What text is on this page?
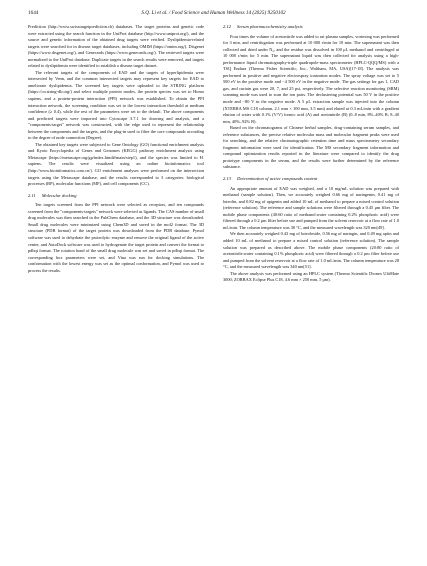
1644	S.Q. Li et al. / Food Science and Human Wellness 14 (2025) 9250102

Prediction (http://www.swisstargetprediction.ch) databases. The target proteins and genetic code were extracted using the search function in the UniProt database (http://www.uniprot.org/), and the source and genetic information of the obtained drug targets were verified. Dyslipidemia-related targets were searched for in disease target databases, including OMIM (https://omim.org/), Disgenet (https://www.disgenet.org/), and Genecards (https://www.genecards.org/). The retrieved targets were normalized to the UniProt database. Duplicate targets in the search results were removed, and targets related to dyslipidemia were identified to establish a disease target dataset.

The relevant targets of the components of EAD and the targets of hyperlipidemia were intersected by Venn, and the common intersected targets may represent key targets for EAD to ameliorate dyslipidemia. The screened key targets were uploaded to the STRING platform (https://cn.string-db.org/) and select multiple protein modes, the protein species was set to Homo sapiens, and a protein-protein interaction (PPI) network was established. To obtain the PPI interaction network, the screening condition was set to the lowest interaction threshold at medium confidence (≥ 0.4), while the rest of the parameters were set to the default. The above components and predicted targets were imported into Cytoscape 3.7.1 for drawing and analysis, and a "components-target" network was constructed, with the edge used to represent the relationship between the components and the targets, and the plug-in used to filter the core compounds according to the degree of node connection (Degree).

The obtained key targets were subjected to Gene Ontology (GO) functional enrichment analysis and Kyoto Encyclopedia of Genes and Genomes (KEGG) pathway enrichment analysis using Metascape (https://metascape.org/gp/index.html#/main/step1), and the species was limited to H. sapiens. The results were visualized using an online bioinformatics tool (http://www.bioinformatics.com.cn/). GO enrichment analyses were performed on the intersection targets using the Metascape database, and the results corresponded to 3 categories: biological processes (BP), molecular functions (MF), and cell components (CC).

2.11 Molecular docking

Ten targets screened from the PPI network were selected as receptors, and ten compounds screened from the "components-targets" network were selected as ligands. The CAS number of small drug molecules was then searched in the PubChem database, and the 3D structure was downloaded. Small drug molecules were minimized using Chem3D and saved in the mol2 format. The 3D structure (PDB format) of the target protein was downloaded from the PDB database. Pymol software was used to dehydrate the proteolytic enzyme and remove the original ligand of the active center, and AutoDock software was used to hydrogenate the target protein and convert the format to pdbqt format. The rotation bond of the small drug molecule was set and saved in pdbqt format. The corresponding box parameters were set, and Vina was run for docking simulations. The conformation with the lowest energy was set as the optimal conformation, and Pymol was used to process the results.

2.12 Serum pharmacochemistry analysis

Four times the volume of acetonitrile was added to rat plasma samples, vortexing was performed for 3 min, and centrifugation was performed at 10 000 r/min for 10 min. The supernatant was then collected and dried under N₂, and the residue was dissolved in 100 μL methanol and centrifuged at 10 000 r/min for 5 min. The supernatant liquid was then collected for analysis using a high-performance liquid chromatography-triple quadrupole-mass spectrometer (HPLC-QQQ/MS) with a TSQ Endura (Thermo Fisher Scientific, Inc., Waltham, MA, USA)[17-18]. The analysis was performed in positive and negative electrospray ionization modes. The spray voltage was set to 5 500 eV in the positive mode and −4 500 eV in the negative mode. The gas settings for gas 1, CAD gas, and curtain gas were 20, 7, and 25 psi, respectively. The selective reaction monitoring (SRM) scanning mode was used to scan the ion pairs. The declustering potential was 50 V in the positive mode and −80 V in the negative mode. A 5 μL extraction sample was injected into the column (XTERRA MS C18 column, 2.1 mm × 100 mm, 3.5 mm) and eluted at 0.3 mL/min with a gradient elution of water with 0.1% (V/V) formic acid (A) and acetonitrile (B) (0–8 min, 8%–40% B; 8–40 min, 40%–92% B).

Based on the chromatograms of Chinese herbal samples, drug-containing serum samples, and reference substances, the precise relative molecular mass and molecular fragment peaks were used for searching, and the relative chromatographic retention time and mass spectrometry secondary fragment information were used for identification. The MS secondary fragment information and compound optimization results reported in the literature were compared to identify the drug prototype components in the serum, and the results were further determined by the reference substance.

2.13 Determination of active compounds content

An appropriate amount of EAD was weighed, and a 10 mg/mL solution was prepared with methanol (sample solution). Then, we accurately weighed 0.66 mg of naringenin, 0.41 mg of luteolin, and 0.82 mg of apigenin and added 10 mL of methanol to prepare a mixed control solution (reference solution). The reference and sample solutions were filtered through a 0.45 μm filter. The mobile phase components (40:60 ratio of methanol:water containing 0.2% phosphoric acid) were filtered through a 0.2 μm filter before use and pumped from the solvent reservoir at a flow rate of 1.0 mL/min. The column temperature was 30 °C, and the measured wavelength was 320 nm[49].

We then accurately weighed 0.43 mg of luteoloside, 0.56 mg of naringin, and 0.49 mg apiin and added 10 mL of methanol to prepare a mixed control solution (reference solution). The sample solution was prepared as described above. The mobile phase components (20:80 ratio of acetonitrile:water containing 0.1% phosphoric acid) were filtered through a 0.2 μm filter before use and pumped from the solvent reservoir at a flow rate of 1.0 mL/min. The column temperature was 28 °C, and the measured wavelength was 340 nm[51].

The above analysis was performed using an HPLC system (Thermo Scientific Dionex UltiMate 3000; ZORBAX Eclipse Plus C18, 4.6 mm × 250 mm, 5 μm).
